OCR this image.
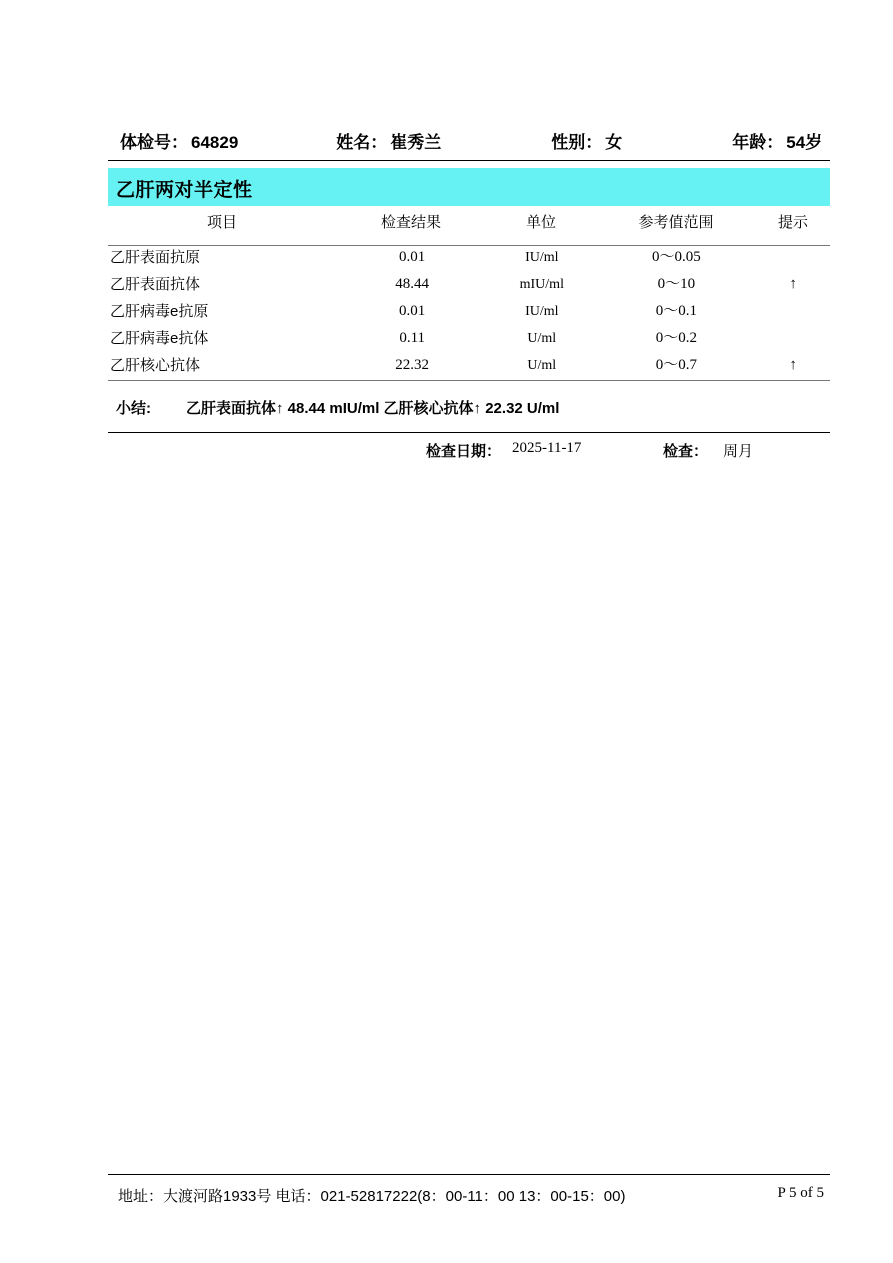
体检号： 64829	姓名： 崔秀兰	性别： 女	年龄： 54岁
乙肝两对半定性
项目	检查结果	单位	参考值范围	提示
乙肝表面抗原	0.01	IU/ml	0～0.05
乙肝表面抗体	48.44	mIU/ml	0～10	↑
乙肝病毒e抗原	0.01	IU/ml	0～0.1
乙肝病毒e抗体	0.11	U/ml	0～0.2
乙肝核心抗体	22.32	U/ml	0～0.7	↑
小结:	乙肝表面抗体↑ 48.44 mIU/ml 乙肝核心抗体↑ 22.32 U/ml
检查日期： 2025-11-17	检查： 周月
地址：大渡河路1933号 电话：021-52817222(8：00-11：00 13：00-15：00)	P 5 of 5
